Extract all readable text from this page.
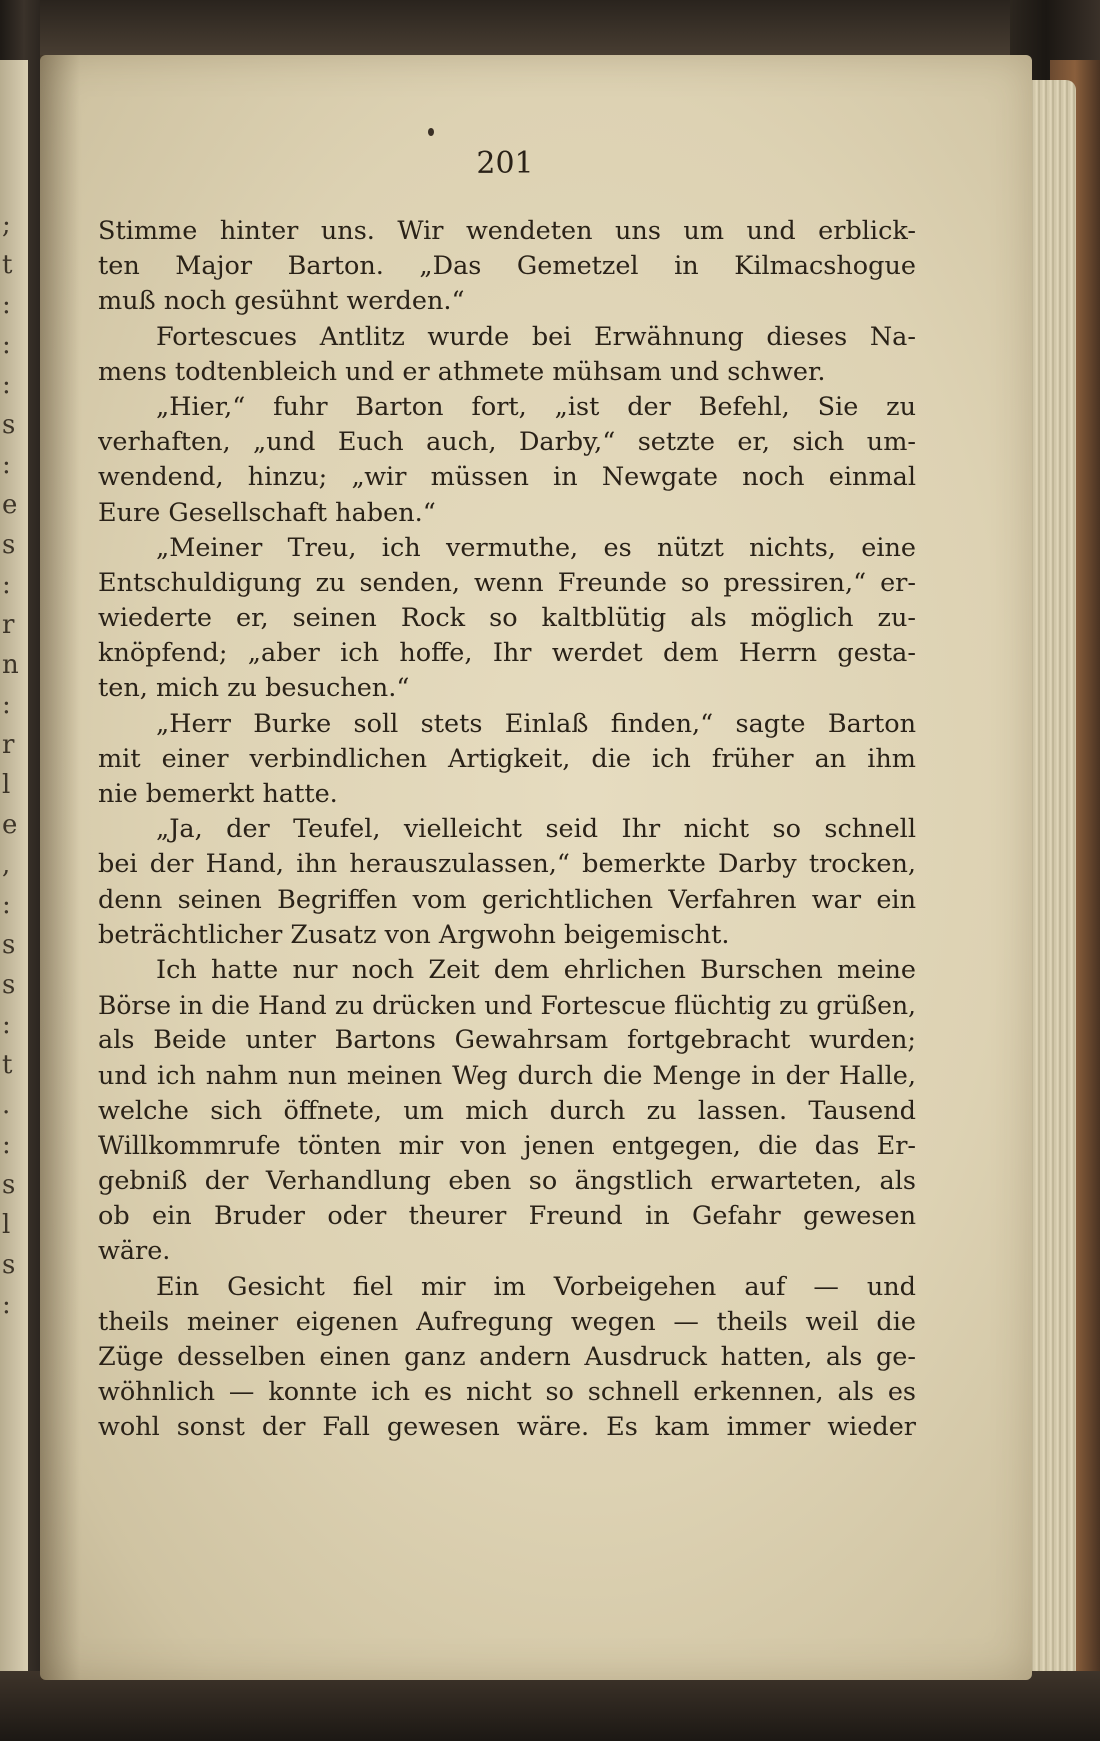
;
t
:
:
:
s
:
e
s
:
r
n
:
r
l
e
,
:
s
s
:
t
.
:
s
l
s
:
201
Stimme hinter uns. Wir wendeten uns um und erblick-
ten Major Barton. „Das Gemetzel in Kilmacshogue
muß noch gesühnt werden.“
Fortescues Antlitz wurde bei Erwähnung dieses Na-
mens todtenbleich und er athmete mühsam und schwer.
„Hier,“ fuhr Barton fort, „ist der Befehl, Sie zu
verhaften, „und Euch auch, Darby,“ setzte er, sich um-
wendend, hinzu; „wir müssen in Newgate noch einmal
Eure Gesellschaft haben.“
„Meiner Treu, ich vermuthe, es nützt nichts, eine
Entschuldigung zu senden, wenn Freunde so pressiren,“ er-
wiederte er, seinen Rock so kaltblütig als möglich zu-
knöpfend; „aber ich hoffe, Ihr werdet dem Herrn gesta-
ten, mich zu besuchen.“
„Herr Burke soll stets Einlaß finden,“ sagte Barton
mit einer verbindlichen Artigkeit, die ich früher an ihm
nie bemerkt hatte.
„Ja, der Teufel, vielleicht seid Ihr nicht so schnell
bei der Hand, ihn herauszulassen,“ bemerkte Darby trocken,
denn seinen Begriffen vom gerichtlichen Verfahren war ein
beträchtlicher Zusatz von Argwohn beigemischt.
Ich hatte nur noch Zeit dem ehrlichen Burschen meine
Börse in die Hand zu drücken und Fortescue flüchtig zu grüßen,
als Beide unter Bartons Gewahrsam fortgebracht wurden;
und ich nahm nun meinen Weg durch die Menge in der Halle,
welche sich öffnete, um mich durch zu lassen. Tausend
Willkommrufe tönten mir von jenen entgegen, die das Er-
gebniß der Verhandlung eben so ängstlich erwarteten, als
ob ein Bruder oder theurer Freund in Gefahr gewesen
wäre.
Ein Gesicht fiel mir im Vorbeigehen auf — und
theils meiner eigenen Aufregung wegen — theils weil die
Züge desselben einen ganz andern Ausdruck hatten, als ge-
wöhnlich — konnte ich es nicht so schnell erkennen, als es
wohl sonst der Fall gewesen wäre. Es kam immer wieder
